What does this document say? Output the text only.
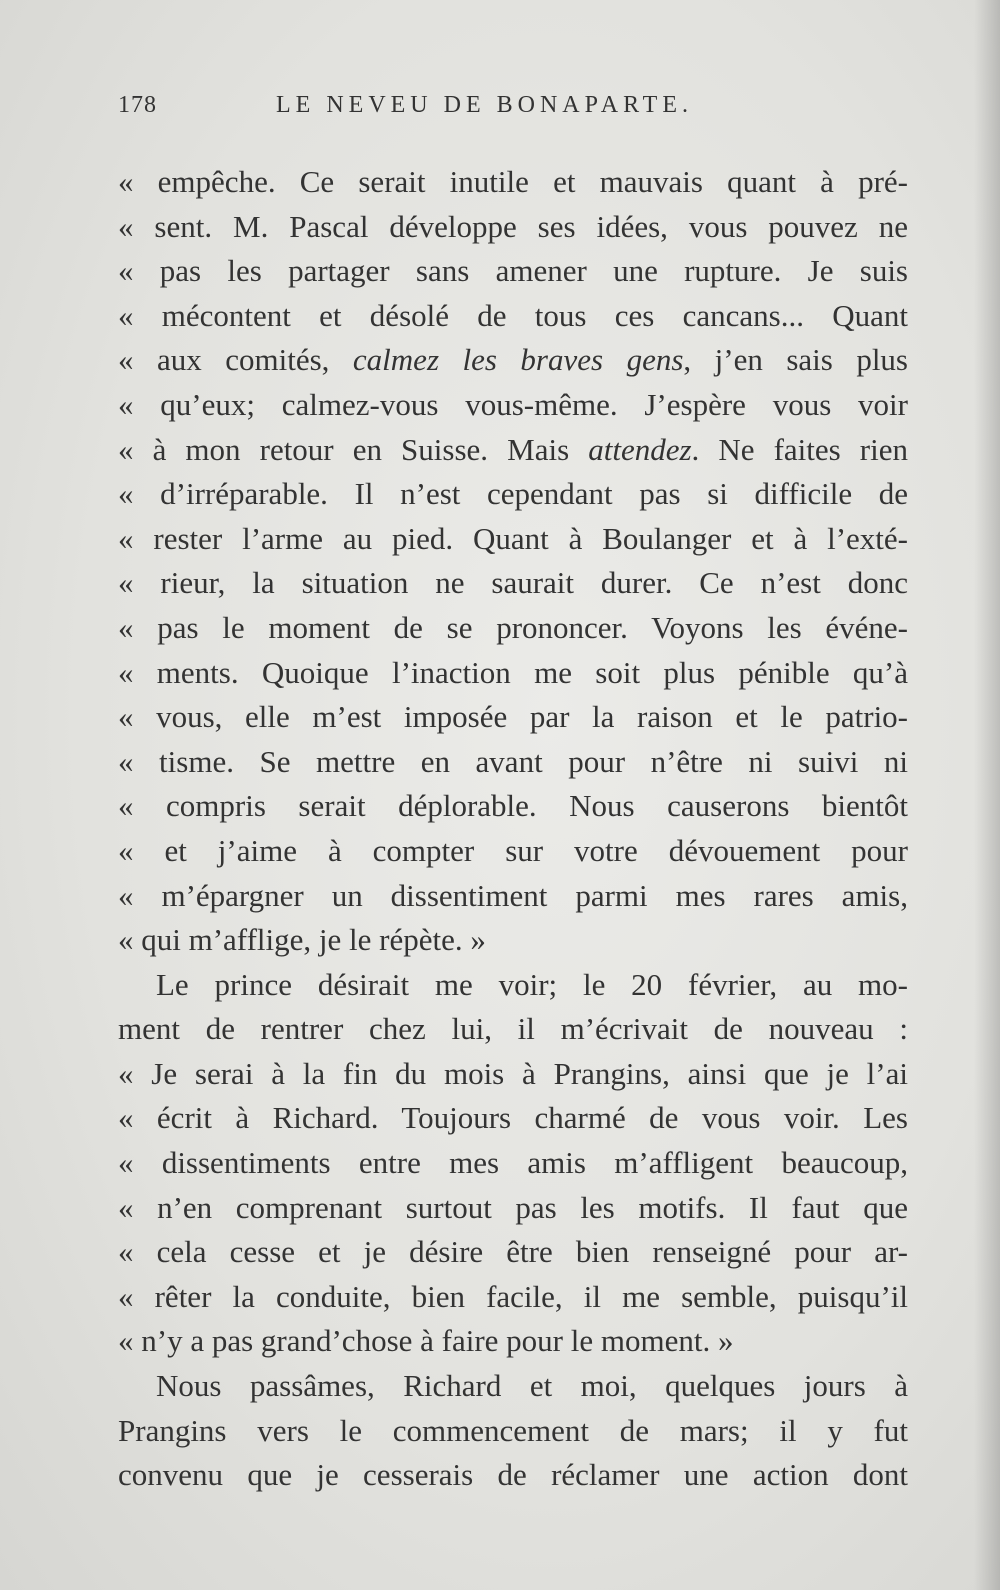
178	LE NEVEU DE BONAPARTE.
« empêche. Ce serait inutile et mauvais quant à pré-
« sent. M. Pascal développe ses idées, vous pouvez ne
« pas les partager sans amener une rupture. Je suis
« mécontent et désolé de tous ces cancans... Quant
« aux comités, calmez les braves gens, j’en sais plus
« qu’eux; calmez-vous vous-même. J’espère vous voir
« à mon retour en Suisse. Mais attendez. Ne faites rien
« d’irréparable. Il n’est cependant pas si difficile de
« rester l’arme au pied. Quant à Boulanger et à l’exté-
« rieur, la situation ne saurait durer. Ce n’est donc
« pas le moment de se prononcer. Voyons les événe-
« ments. Quoique l’inaction me soit plus pénible qu’à
« vous, elle m’est imposée par la raison et le patrio-
« tisme. Se mettre en avant pour n’être ni suivi ni
« compris serait déplorable. Nous causerons bientôt
« et j’aime à compter sur votre dévouement pour
« m’épargner un dissentiment parmi mes rares amis,
« qui m’afflige, je le répète. »
Le prince désirait me voir; le 20 février, au mo-
ment de rentrer chez lui, il m’écrivait de nouveau :
« Je serai à la fin du mois à Prangins, ainsi que je l’ai
« écrit à Richard. Toujours charmé de vous voir. Les
« dissentiments entre mes amis m’affligent beaucoup,
« n’en comprenant surtout pas les motifs. Il faut que
« cela cesse et je désire être bien renseigné pour ar-
« rêter la conduite, bien facile, il me semble, puisqu’il
« n’y a pas grand’chose à faire pour le moment. »
Nous passâmes, Richard et moi, quelques jours à
Prangins vers le commencement de mars; il y fut
convenu que je cesserais de réclamer une action dont
